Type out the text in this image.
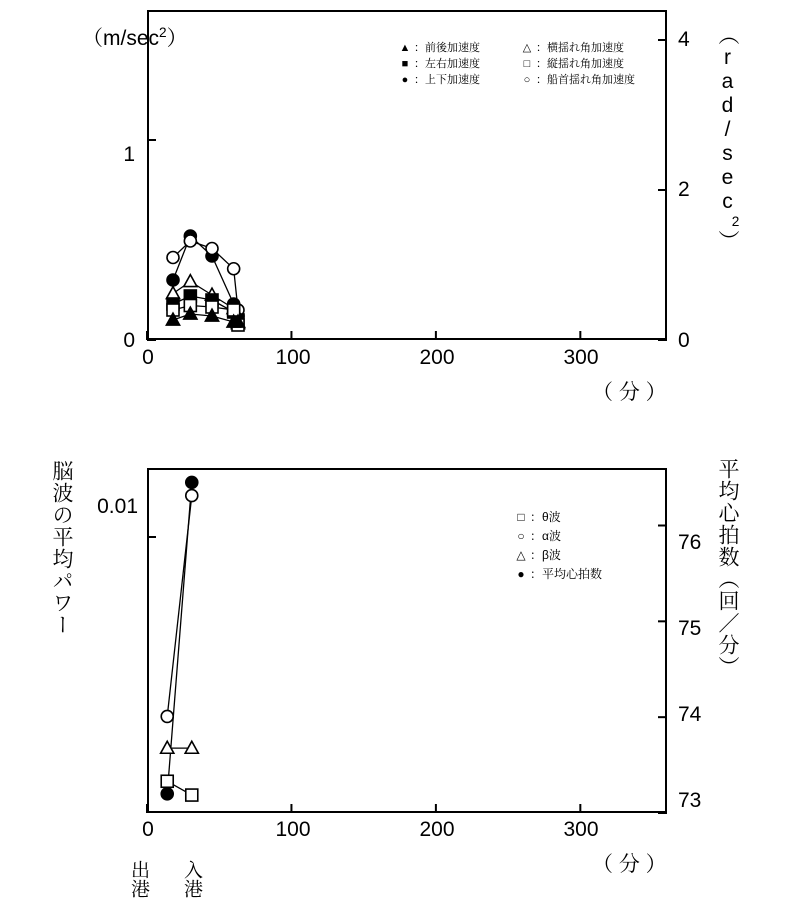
$(m/\sec^2)$	$(rad/\sec^2)$
1
0
4
2
0
0	100	200	300
（ 分 ）
▲ ：前後加速度	△ ：横揺れ角加速度
■ ：左右加速度	□ ：縦揺れ角加速度
● ：上下加速度	○ ：船首揺れ角加速度
脳波の平均パワー	平均心拍数（回／分）
0.01
76
75
74
73
0	100	200	300
（ 分 ）
出港 入港
□ ：θ波
○ ：α波
△ ：β波
● ：平均心拍数
